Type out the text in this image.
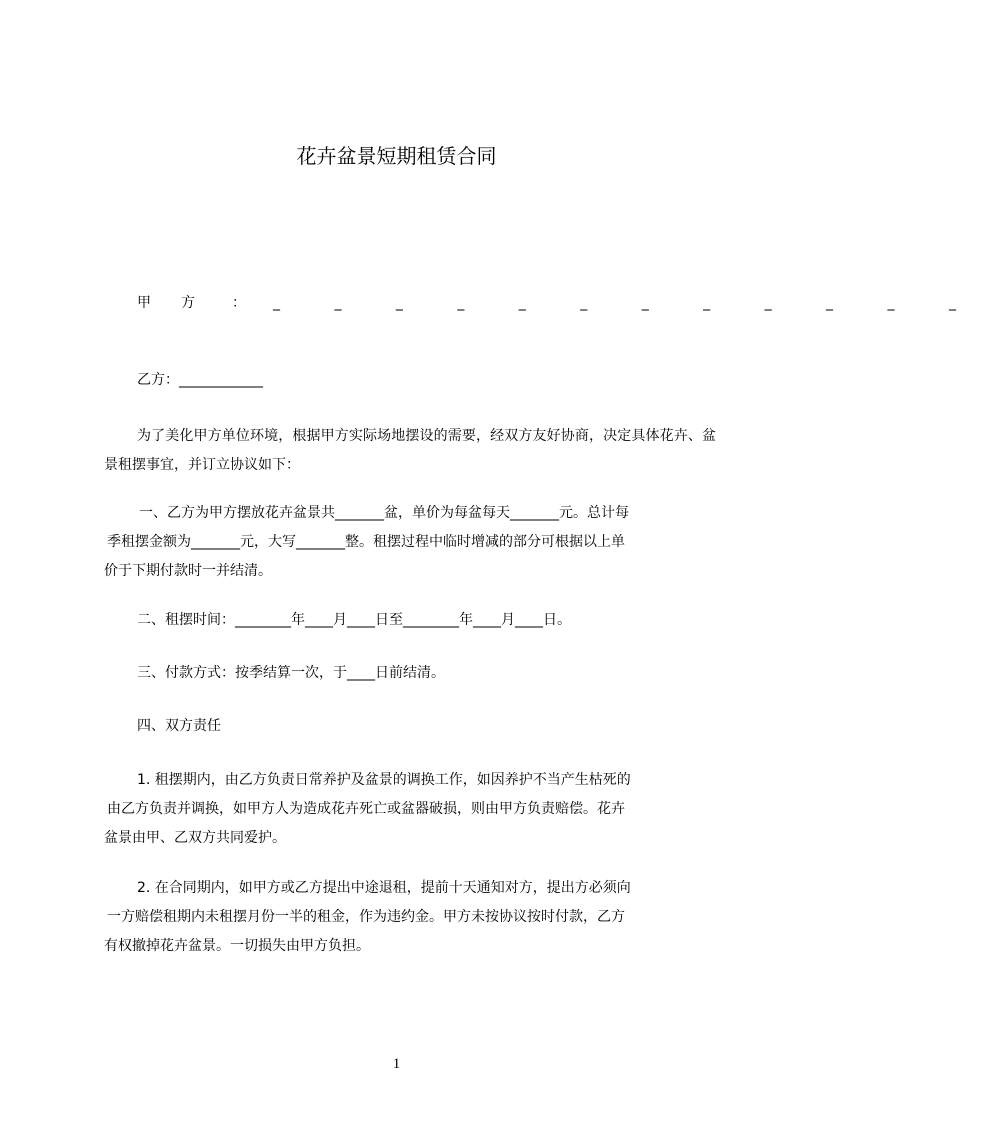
花卉盆景短期租赁合同
甲方 ： _ _ _ _ _ _ _ _ _ _ _ _
乙方：____________
为了美化甲方单位环境，根据甲方实际场地摆设的需要，经双方友好协商，决定具体花卉、盆景租摆事宜，并订立协议如下：
一、乙方为甲方摆放花卉盆景共_______盆，单价为每盆每天_______元。总计每
季租摆金额为_______元，大写_______整。租摆过程中临时增减的部分可根据以上单
价于下期付款时一并结清。
二、租摆时间：________年____月____日至________年____月____日。
三、付款方式：按季结算一次，于____日前结清。
四、双方责任
1. 租摆期内，由乙方负责日常养护及盆景的调换工作，如因养护不当产生枯死的
由乙方负责并调换，如甲方人为造成花卉死亡或盆器破损，则由甲方负责赔偿。花卉
盆景由甲、乙双方共同爱护。
2. 在合同期内，如甲方或乙方提出中途退租，提前十天通知对方，提出方必须向
一方赔偿租期内未租摆月份一半的租金，作为违约金。甲方未按协议按时付款，乙方
有权撤掉花卉盆景。一切损失由甲方负担。
1
